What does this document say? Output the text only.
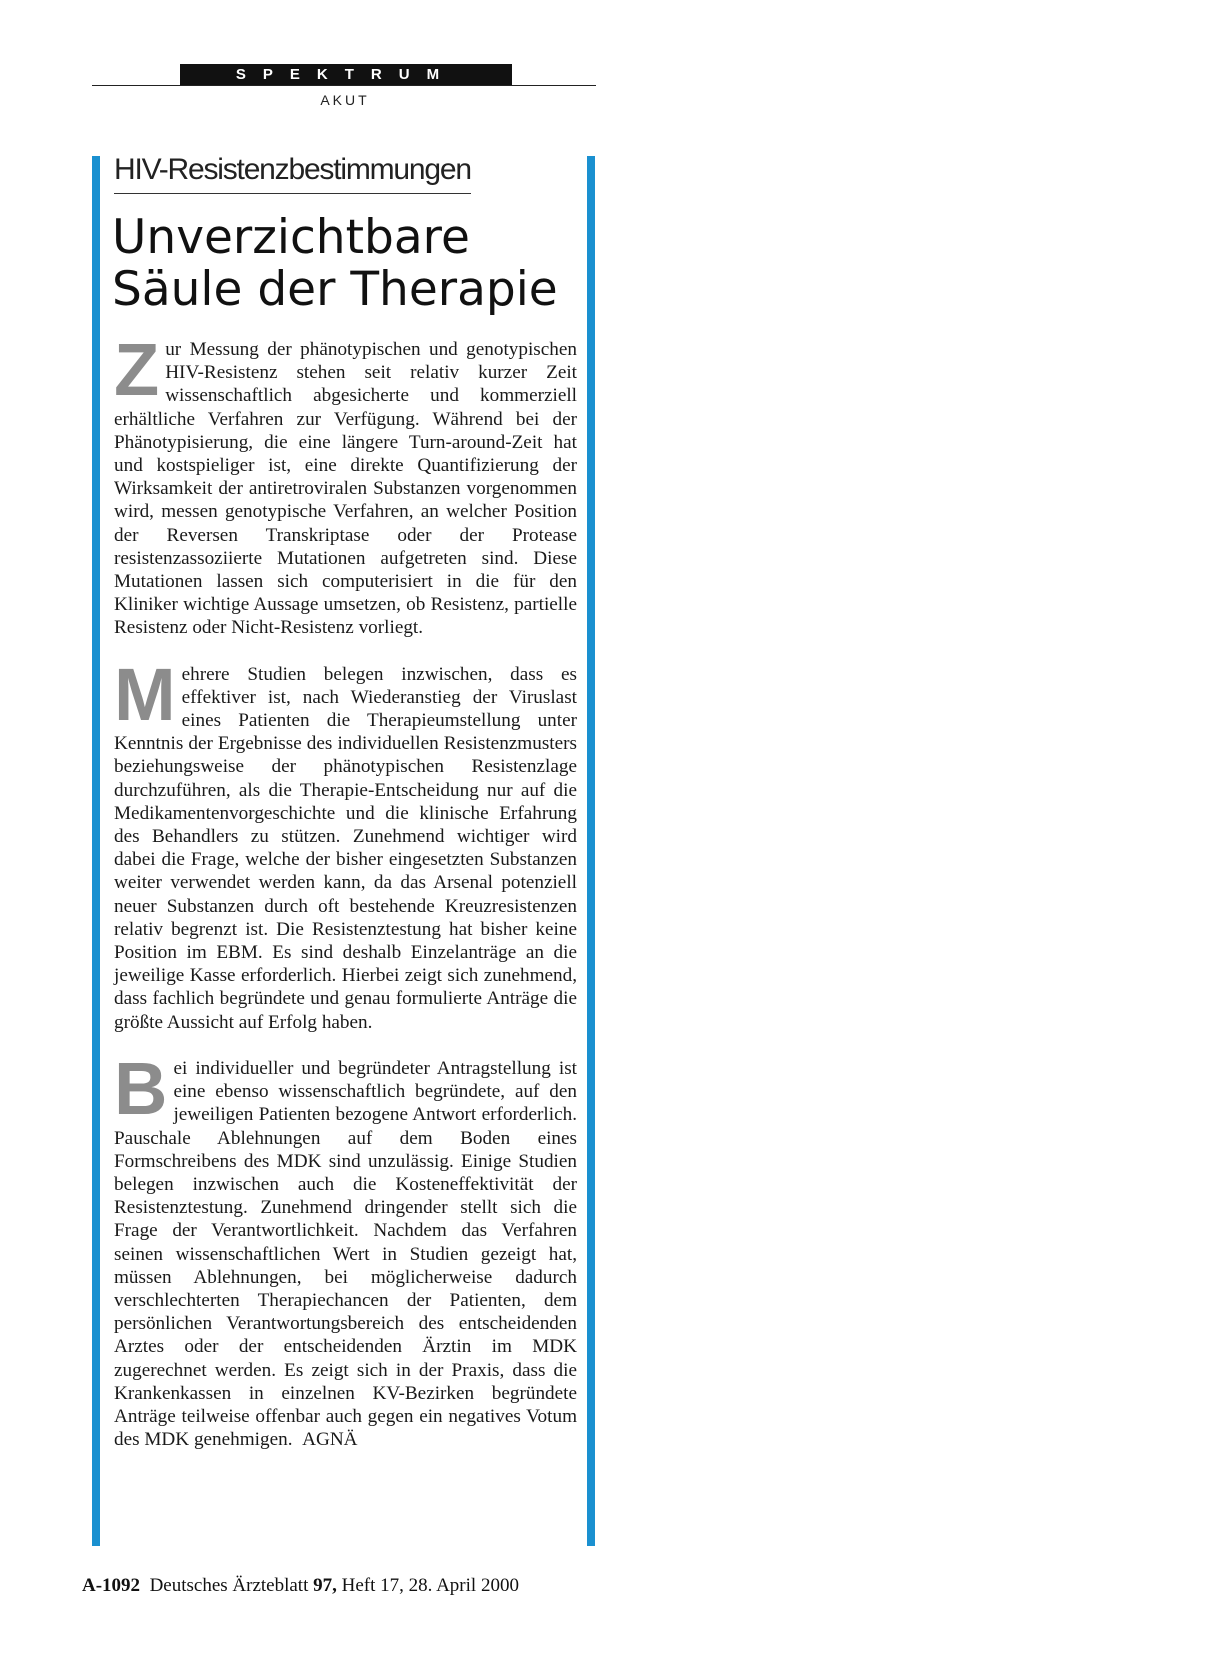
SPEKTRUM
AKUT
HIV-Resistenzbestimmungen
Unverzichtbare Säule der Therapie

Zur Messung der phänotypischen und genotypischen HIV-Resistenz stehen seit relativ kurzer Zeit wissenschaftlich abgesicherte und kommerziell erhältliche Verfahren zur Verfügung. Während bei der Phänotypisierung, die eine längere Turn-around-Zeit hat und kostspieliger ist, eine direkte Quantifizierung der Wirksamkeit der antiretroviralen Substanzen vorgenommen wird, messen genotypische Verfahren, an welcher Position der Reversen Transkriptase oder der Protease resistenzassoziierte Mutationen aufgetreten sind. Diese Mutationen lassen sich computerisiert in die für den Kliniker wichtige Aussage umsetzen, ob Resistenz, partielle Resistenz oder Nicht-Resistenz vorliegt.

Mehrere Studien belegen inzwischen, dass es effektiver ist, nach Wiederanstieg der Viruslast eines Patienten die Therapieumstellung unter Kenntnis der Ergebnisse des individuellen Resistenzmusters beziehungsweise der phänotypischen Resistenzlage durchzuführen, als die Therapie-Entscheidung nur auf die Medikamentenvorgeschichte und die klinische Erfahrung des Behandlers zu stützen. Zunehmend wichtiger wird dabei die Frage, welche der bisher eingesetzten Substanzen weiter verwendet werden kann, da das Arsenal potenziell neuer Substanzen durch oft bestehende Kreuzresistenzen relativ begrenzt ist. Die Resistenztestung hat bisher keine Position im EBM. Es sind deshalb Einzelanträge an die jeweilige Kasse erforderlich. Hierbei zeigt sich zunehmend, dass fachlich begründete und genau formulierte Anträge die größte Aussicht auf Erfolg haben.

Bei individueller und begründeter Antragstellung ist eine ebenso wissenschaftlich begründete, auf den jeweiligen Patienten bezogene Antwort erforderlich. Pauschale Ablehnungen auf dem Boden eines Formschreibens des MDK sind unzulässig. Einige Studien belegen inzwischen auch die Kosteneffektivität der Resistenztestung. Zunehmend dringender stellt sich die Frage der Verantwortlichkeit. Nachdem das Verfahren seinen wissenschaftlichen Wert in Studien gezeigt hat, müssen Ablehnungen, bei möglicherweise dadurch verschlechterten Therapiechancen der Patienten, dem persönlichen Verantwortungsbereich des entscheidenden Arztes oder der entscheidenden Ärztin im MDK zugerechnet werden. Es zeigt sich in der Praxis, dass die Krankenkassen in einzelnen KV-Bezirken begründete Anträge teilweise offenbar auch gegen ein negatives Votum des MDK genehmigen. AGNÄ

A-1092 Deutsches Ärzteblatt 97, Heft 17, 28. April 2000
